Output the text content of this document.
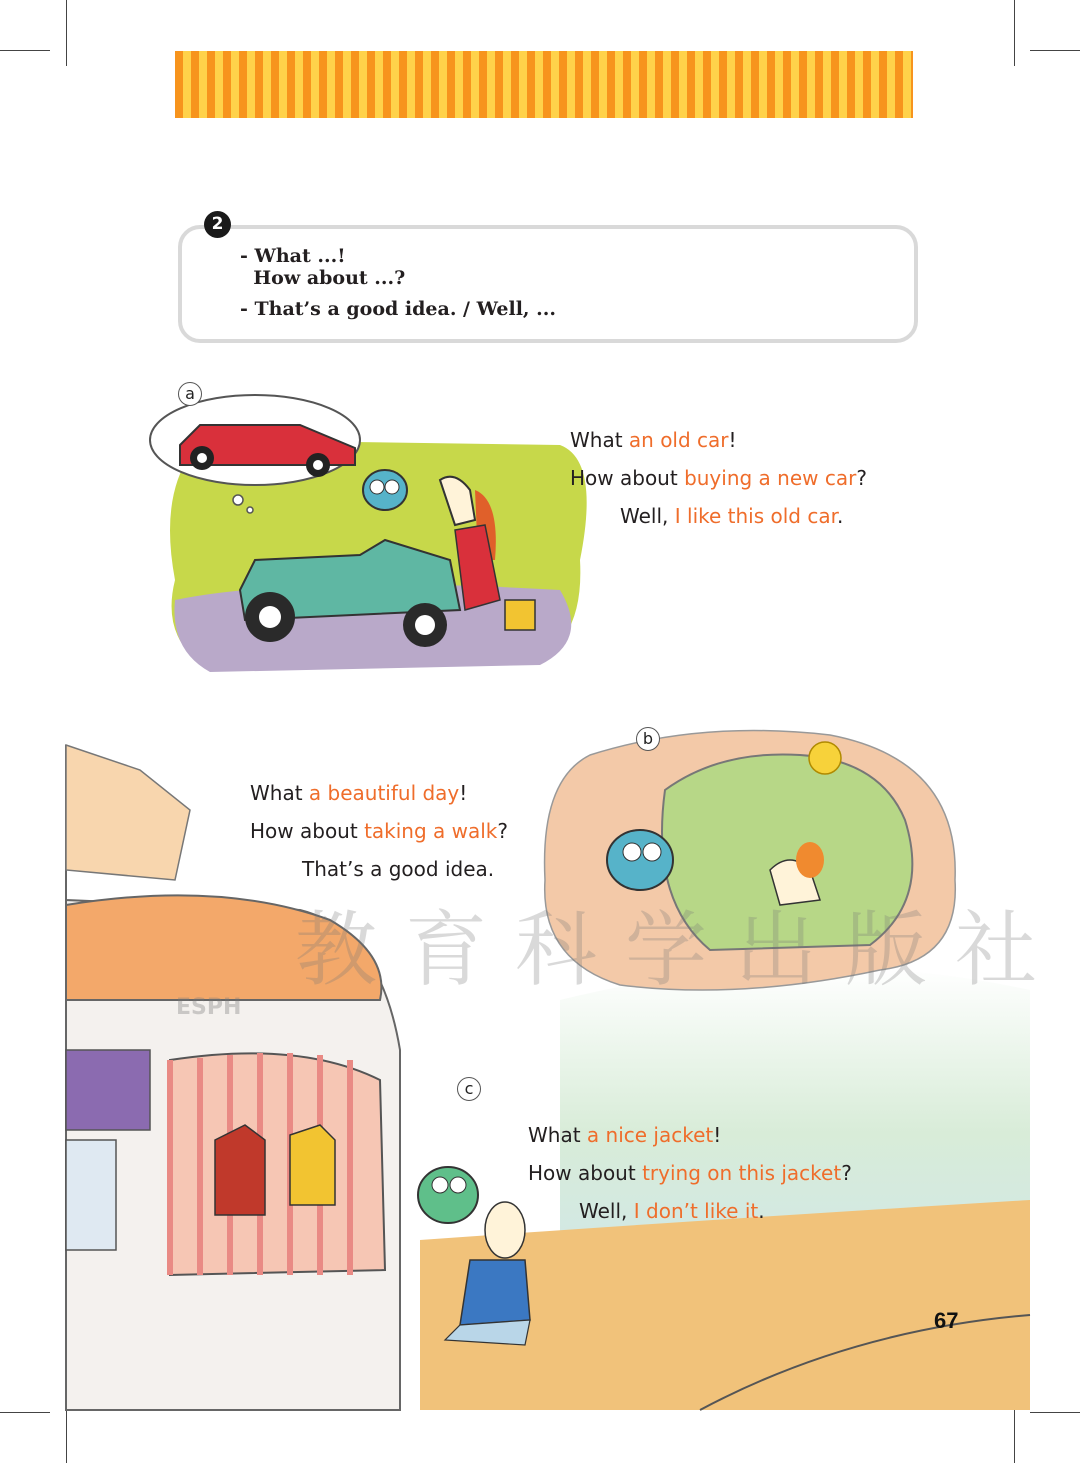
2
- What ...!
How about ...?
- That’s a good idea. / Well, ...
a
What an old car!
How about buying a new car?
Well, I like this old car.
b
c
What a beautiful day!
How about taking a walk?
That’s a good idea.
What a nice jacket!
How about trying on this jacket?
Well, I don’t like it.
教育科学出版社
ESPH
67
